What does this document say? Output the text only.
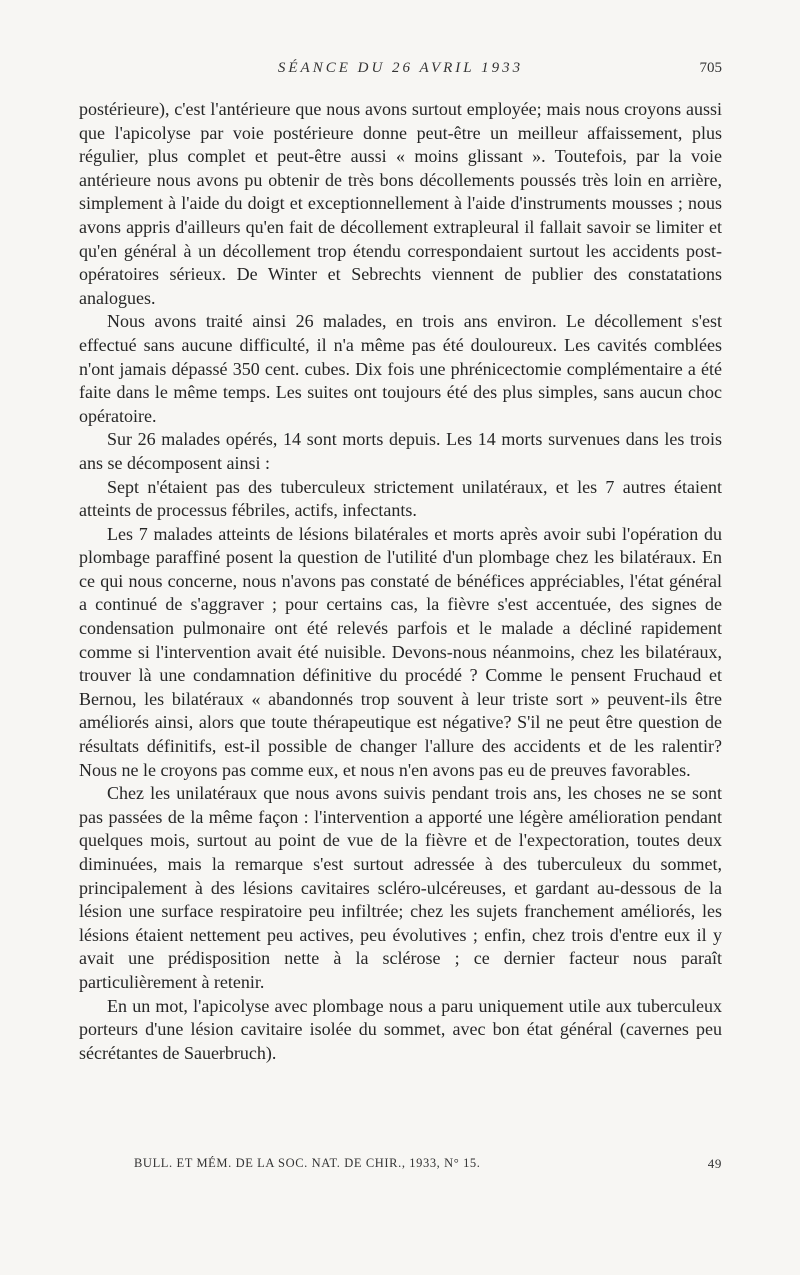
SÉANCE DU 26 AVRIL 1933	705

postérieure), c'est l'antérieure que nous avons surtout employée; mais nous croyons aussi que l'apicolyse par voie postérieure donne peut-être un meilleur affaissement, plus régulier, plus complet et peut-être aussi « moins glissant ». Toutefois, par la voie antérieure nous avons pu obtenir de très bons décollements poussés très loin en arrière, simplement à l'aide du doigt et exceptionnellement à l'aide d'instruments mousses ; nous avons appris d'ailleurs qu'en fait de décollement extrapleural il fallait savoir se limiter et qu'en général à un décollement trop étendu correspondaient surtout les accidents post-opératoires sérieux. De Winter et Sebrechts viennent de publier des constatations analogues.

Nous avons traité ainsi 26 malades, en trois ans environ. Le décollement s'est effectué sans aucune difficulté, il n'a même pas été douloureux. Les cavités comblées n'ont jamais dépassé 350 cent. cubes. Dix fois une phrénicectomie complémentaire a été faite dans le même temps. Les suites ont toujours été des plus simples, sans aucun choc opératoire.

Sur 26 malades opérés, 14 sont morts depuis. Les 14 morts survenues dans les trois ans se décomposent ainsi :

Sept n'étaient pas des tuberculeux strictement unilatéraux, et les 7 autres étaient atteints de processus fébriles, actifs, infectants.

Les 7 malades atteints de lésions bilatérales et morts après avoir subi l'opération du plombage paraffiné posent la question de l'utilité d'un plombage chez les bilatéraux. En ce qui nous concerne, nous n'avons pas constaté de bénéfices appréciables, l'état général a continué de s'aggraver ; pour certains cas, la fièvre s'est accentuée, des signes de condensation pulmonaire ont été relevés parfois et le malade a décliné rapidement comme si l'intervention avait été nuisible. Devons-nous néanmoins, chez les bilatéraux, trouver là une condamnation définitive du procédé ? Comme le pensent Fruchaud et Bernou, les bilatéraux « abandonnés trop souvent à leur triste sort » peuvent-ils être améliorés ainsi, alors que toute thérapeutique est négative? S'il ne peut être question de résultats définitifs, est-il possible de changer l'allure des accidents et de les ralentir? Nous ne le croyons pas comme eux, et nous n'en avons pas eu de preuves favorables.

Chez les unilatéraux que nous avons suivis pendant trois ans, les choses ne se sont pas passées de la même façon : l'intervention a apporté une légère amélioration pendant quelques mois, surtout au point de vue de la fièvre et de l'expectoration, toutes deux diminuées, mais la remarque s'est surtout adressée à des tuberculeux du sommet, principalement à des lésions cavitaires scléro-ulcéreuses, et gardant au-dessous de la lésion une surface respiratoire peu infiltrée; chez les sujets franchement améliorés, les lésions étaient nettement peu actives, peu évolutives ; enfin, chez trois d'entre eux il y avait une prédisposition nette à la sclérose ; ce dernier facteur nous paraît particulièrement à retenir.

En un mot, l'apicolyse avec plombage nous a paru uniquement utile aux tuberculeux porteurs d'une lésion cavitaire isolée du sommet, avec bon état général (cavernes peu sécrétantes de Sauerbruch).

BULL. ET MÉM. DE LA SOC. NAT. DE CHIR., 1933, N° 15.	49
